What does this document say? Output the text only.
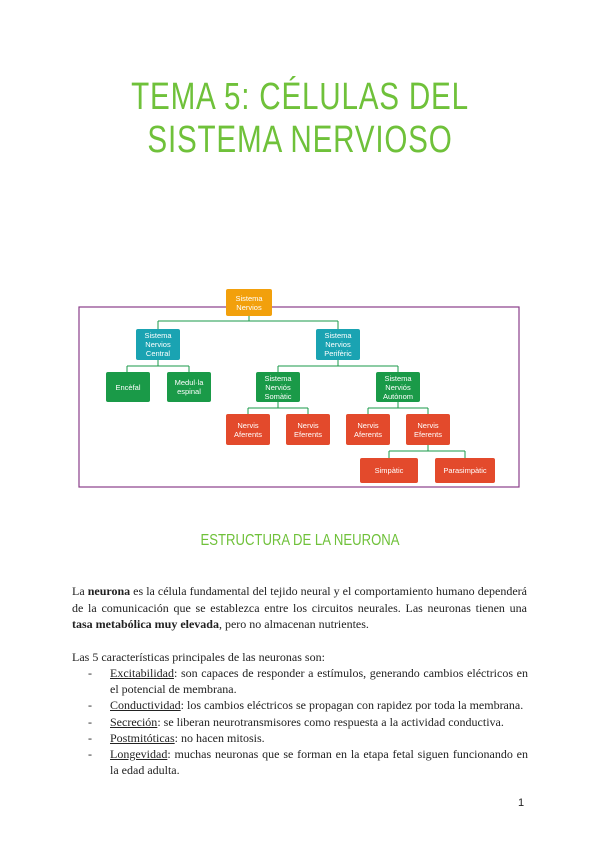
TEMA 5: CÉLULAS DEL SISTEMA NERVIOSO
Sistema
Nervios
Sistema
Nervios
Central
Sistema
Nervios
Perifèric
Encèfal	Medul·la
espinal
Sistema
Nerviós
Somàtic
Sistema
Nerviós
Autònom
Nervis
Aferents
Nervis
Eferents
Nervis
Aferents
Nervis
Eferents
Simpàtic	Parasimpàtic
ESTRUCTURA DE LA NEURONA
La neurona es la célula fundamental del tejido neural y el comportamiento humano dependerá de la comunicación que se establezca entre los circuitos neurales. Las neuronas tienen una tasa metabólica muy elevada, pero no almacenan nutrientes.
Las 5 características principales de las neuronas son:
- Excitabilidad: son capaces de responder a estímulos, generando cambios eléctricos en el potencial de membrana.
- Conductividad: los cambios eléctricos se propagan con rapidez por toda la membrana.
- Secreción: se liberan neurotransmisores como respuesta a la actividad conductiva.
- Postmitóticas: no hacen mitosis.
- Longevidad: muchas neuronas que se forman en la etapa fetal siguen funcionando en la edad adulta.
1
